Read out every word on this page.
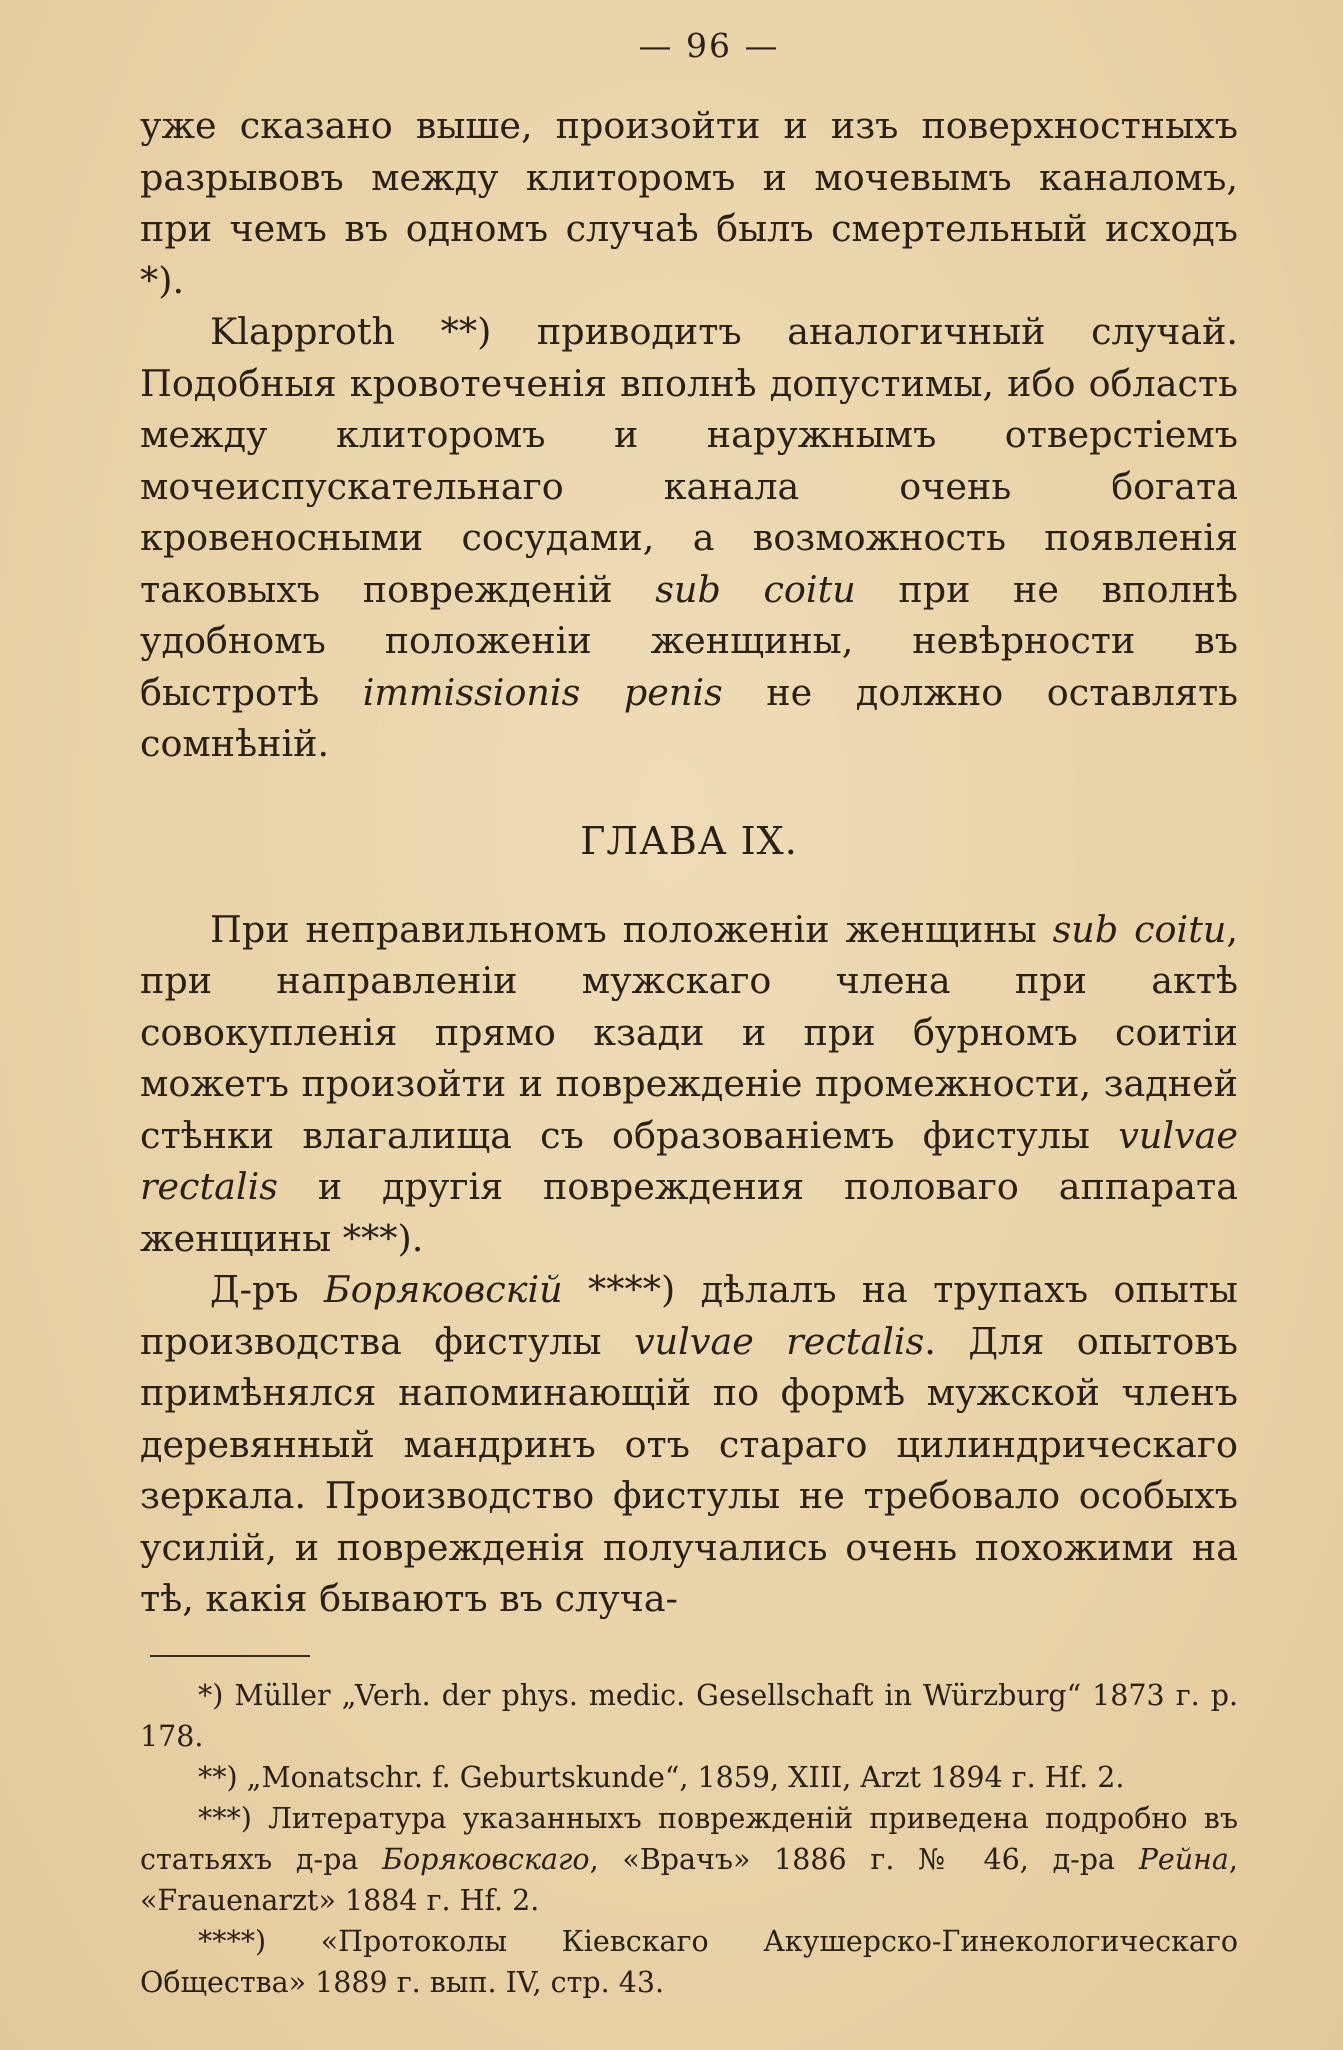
— 96 —

уже сказано выше, произойти и изъ поверхностныхъ разрывовъ между клиторомъ и мочевымъ каналомъ, при чемъ въ одномъ случаѣ былъ смертельный исходъ *).

Klapproth **) приводитъ аналогичный случай. Подобныя кровотеченія вполнѣ допустимы, ибо область между клиторомъ и наружнымъ отверстіемъ мочеиспускательнаго канала очень богата кровеносными сосудами, а возможность появленія таковыхъ поврежденій sub coitu при не вполнѣ удобномъ положеніи женщины, невѣрности въ быстротѣ immissionis penis не должно оставлять сомнѣній.

ГЛАВА IX.

При неправильномъ положеніи женщины sub coitu, при направленіи мужскаго члена при актѣ совокупленія прямо кзади и при бурномъ соитіи можетъ произойти и поврежденіе промежности, задней стѣнки влагалища съ образованіемъ фистулы vulvae rectalis и другія повреждения половаго аппарата женщины ***).

Д-ръ Боряковскій ****) дѣлалъ на трупахъ опыты производства фистулы vulvae rectalis. Для опытовъ примѣнялся напоминающій по формѣ мужской членъ деревянный мандринъ отъ стараго цилиндрическаго зеркала. Производство фистулы не требовало особыхъ усилій, и поврежденія получались очень похожими на тѣ, какія бываютъ въ случа-

*) Müller „Verh. der phys. medic. Gesellschaft in Würzburg“ 1873 г. p. 178.

**) „Monatschr. f. Geburtskunde“, 1859, XIII, Arzt 1894 г. Hf. 2.

***) Литература указанныхъ поврежденій приведена подробно въ статьяхъ д-ра Боряковскаго, «Врачъ» 1886 г. № 46, д-ра Рейна, «Frauenarzt» 1884 г. Hf. 2.

****) «Протоколы Кіевскаго Акушерско-Гинекологическаго Общества» 1889 г. вып. IV, стр. 43.
